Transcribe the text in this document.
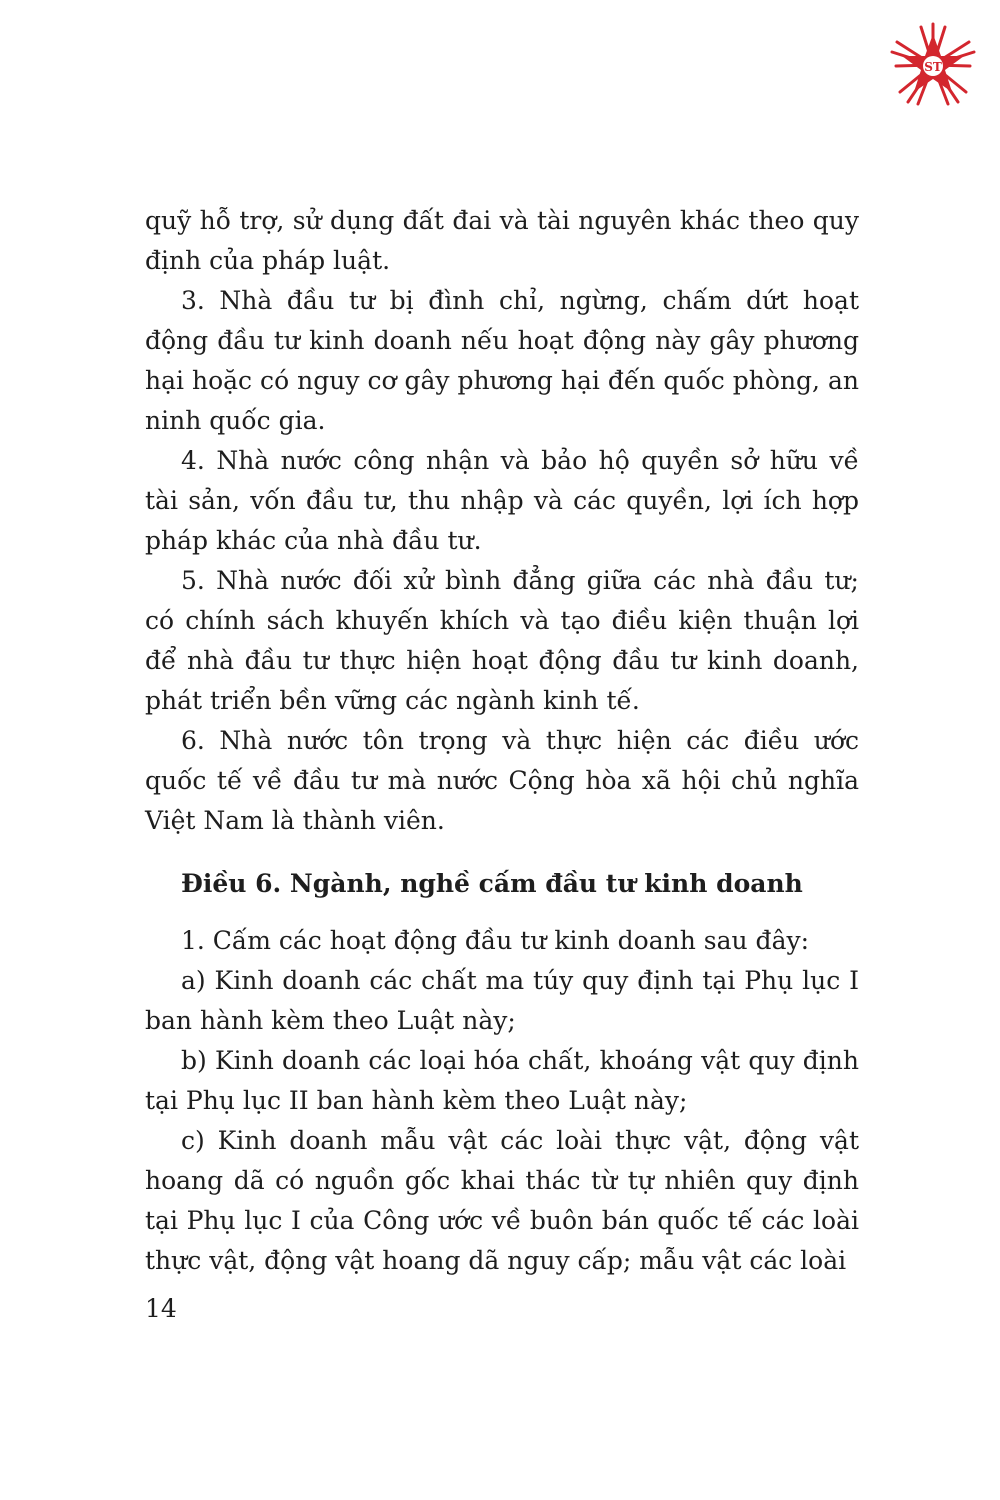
ST

quỹ hỗ trợ, sử dụng đất đai và tài nguyên khác theo quy định của pháp luật.

3. Nhà đầu tư bị đình chỉ, ngừng, chấm dứt hoạt động đầu tư kinh doanh nếu hoạt động này gây phương hại hoặc có nguy cơ gây phương hại đến quốc phòng, an ninh quốc gia.

4. Nhà nước công nhận và bảo hộ quyền sở hữu về tài sản, vốn đầu tư, thu nhập và các quyền, lợi ích hợp pháp khác của nhà đầu tư.

5. Nhà nước đối xử bình đẳng giữa các nhà đầu tư; có chính sách khuyến khích và tạo điều kiện thuận lợi để nhà đầu tư thực hiện hoạt động đầu tư kinh doanh, phát triển bền vững các ngành kinh tế.

6. Nhà nước tôn trọng và thực hiện các điều ước quốc tế về đầu tư mà nước Cộng hòa xã hội chủ nghĩa Việt Nam là thành viên.

Điều 6. Ngành, nghề cấm đầu tư kinh doanh

1. Cấm các hoạt động đầu tư kinh doanh sau đây:

a) Kinh doanh các chất ma túy quy định tại Phụ lục I ban hành kèm theo Luật này;

b) Kinh doanh các loại hóa chất, khoáng vật quy định tại Phụ lục II ban hành kèm theo Luật này;

c) Kinh doanh mẫu vật các loài thực vật, động vật hoang dã có nguồn gốc khai thác từ tự nhiên quy định tại Phụ lục I của Công ước về buôn bán quốc tế các loài thực vật, động vật hoang dã nguy cấp; mẫu vật các loài

14
